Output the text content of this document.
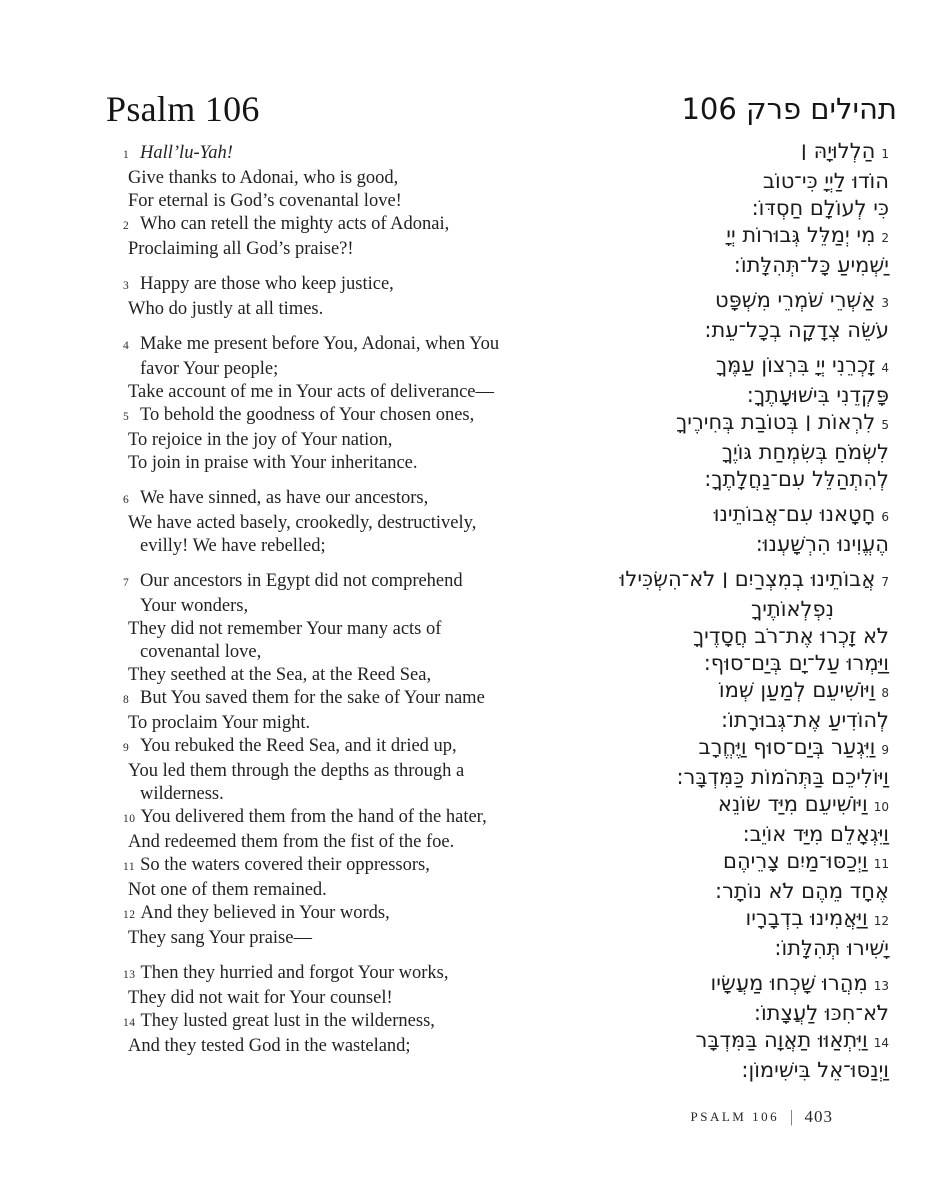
Psalm 106	תהילים פרק 106
1 Hall’lu-Yah!
Give thanks to Adonai, who is good,
For eternal is God’s covenantal love!
2 Who can retell the mighty acts of Adonai,
Proclaiming all God’s praise?!
3 Happy are those who keep justice,
Who do justly at all times.
4 Make me present before You, Adonai, when You
favor Your people;
Take account of me in Your acts of deliverance—
5 To behold the goodness of Your chosen ones,
To rejoice in the joy of Your nation,
To join in praise with Your inheritance.
6 We have sinned, as have our ancestors,
We have acted basely, crookedly, destructively,
evilly! We have rebelled;
7 Our ancestors in Egypt did not comprehend
Your wonders,
They did not remember Your many acts of
covenantal love,
They seethed at the Sea, at the Reed Sea,
8 But You saved them for the sake of Your name
To proclaim Your might.
9 You rebuked the Reed Sea, and it dried up,
You led them through the depths as through a
wilderness.
10 You delivered them from the hand of the hater,
And redeemed them from the fist of the foe.
11 So the waters covered their oppressors,
Not one of them remained.
12 And they believed in Your words,
They sang Your praise—
13 Then they hurried and forgot Your works,
They did not wait for Your counsel!
14 They lusted great lust in the wilderness,
And they tested God in the wasteland;
1הַלְלוּיָהּ ׀
הוֹדוּ לַיְיָ כִּי־טוֹב
כִּי לְעוֹלָם חַסְדּוֹ:
2מִי יְמַלֵּל גְּבוּרוֹת יְיָ
יַשְׁמִיעַ כָּל־תְּהִלָּתוֹ:
3אַשְׁרֵי שֹׁמְרֵי מִשְׁפָּט
עֹשֵׂה צְדָקָה בְכָל־עֵת:
4זָכְרֵנִי יְיָ בִּרְצוֹן עַמֶּךָ
פָּקְדֵנִי בִּישׁוּעָתֶךָ:
5לִרְאוֹת ׀ בְּטוֹבַת בְּחִירֶיךָ
לִשְׂמֹחַ בְּשִׂמְחַת גּוֹיֶךָ
לְהִתְהַלֵּל עִם־נַחֲלָתֶךָ:
6חָטָאנוּ עִם־אֲבוֹתֵינוּ
הֶעֱוִינוּ הִרְשָׁעְנוּ:
7אֲבוֹתֵינוּ בְמִצְרַיִם ׀ לֹא־הִשְׂכִּילוּ
נִפְלְאוֹתֶיךָ
לֹא זָכְרוּ אֶת־רֹב חֲסָדֶיךָ
וַיַּמְרוּ עַל־יָם בְּיַם־סוּף:
8וַיּוֹשִׁיעֵם לְמַעַן שְׁמוֹ
לְהוֹדִיעַ אֶת־גְּבוּרָתוֹ:
9וַיִּגְעַר בְּיַם־סוּף וַיֶּחֱרָב
וַיּוֹלִיכֵם בַּתְּהֹמוֹת כַּמִּדְבָּר:
10וַיּוֹשִׁיעֵם מִיַּד שׂוֹנֵא
וַיִּגְאָלֵם מִיַּד אוֹיֵב:
11וַיְכַסּוּ־מַיִם צָרֵיהֶם
אֶחָד מֵהֶם לֹא נוֹתָר:
12וַיַּאֲמִינוּ בִדְבָרָיו
יָשִׁירוּ תְּהִלָּתוֹ:
13מִהֲרוּ שָׁכְחוּ מַעֲשָׂיו
לֹא־חִכּוּ לַעֲצָתוֹ:
14וַיִּתְאַוּוּ תַאֲוָה בַּמִּדְבָּר
וַיְנַסּוּ־אֵל בִּישִׁימוֹן:
PSALM 106 | 403
